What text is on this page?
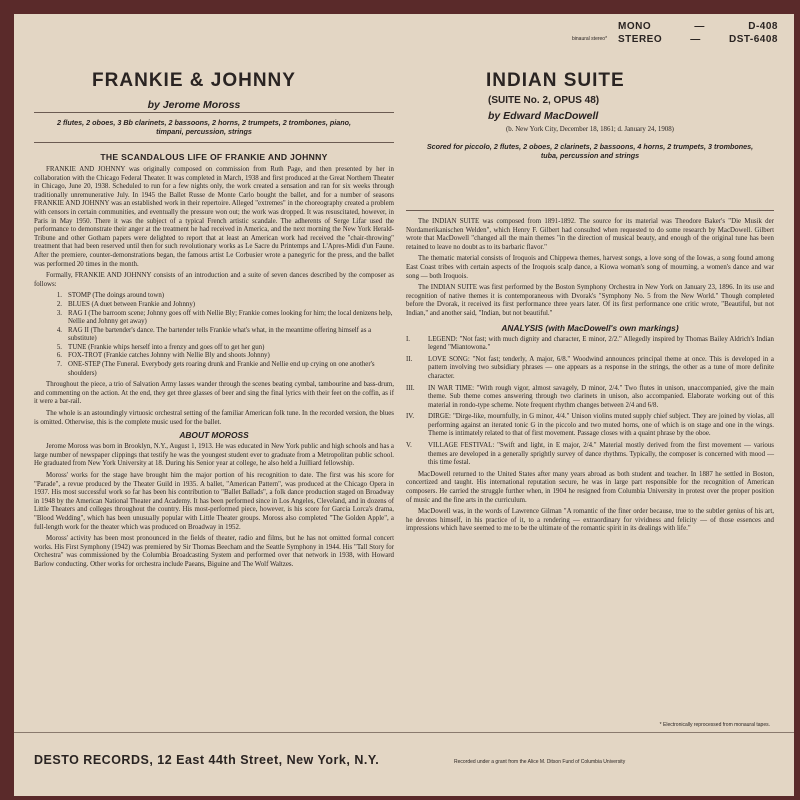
binaural stereo*
MONO	—	D-408
STEREO	—	DST-6408
FRANKIE & JOHNNY
by Jerome Moross
2 flutes, 2 oboes, 3 Bb clarinets, 2 bassoons, 2 horns, 2 trumpets, 2 trombones, piano, timpani, percussion, strings
THE SCANDALOUS LIFE OF FRANKIE AND JOHNNY

FRANKIE AND JOHNNY was originally composed on commission from Ruth Page, and then presented by her in collaboration with the Chicago Federal Theater. It was completed in March, 1938 and first produced at the Great Northern Theater in Chicago, June 20, 1938. Scheduled to run for a few nights only, the work created a sensation and ran for six weeks through traditionally unremunerative July. In 1945 the Ballet Russe de Monte Carlo bought the ballet, and for a number of seasons FRANKIE AND JOHNNY was an established work in their repertoire. Alleged "extremes" in the choreography created a problem with censors in certain communities, and eventually the pressure won out; the work was dropped. It was resuscitated, however, in Paris in May 1950. There it was the subject of a typical French artistic scandale. The adherents of Serge Lifar used the performance to demonstrate their anger at the treatment he had received in America, and the next morning the New York Herald-Tribune and other Gotham papers were delighted to report that at least an American work had received the "chair-throwing" treatment that had been reserved until then for such revolutionary works as Le Sacre du Printemps and L'Apres-Midi d'un Faune. After the premiere, counter-demonstrations began, the famous artist Le Corbusier wrote a panegyric for the press, and the ballet was performed 20 times in the month.

Formally, FRANKIE AND JOHNNY consists of an introduction and a suite of seven dances described by the composer as follows:

1. STOMP (The doings around town)
2. BLUES (A duet between Frankie and Johnny)
3. RAG I (The barroom scene; Johnny goes off with Nellie Bly; Frankie comes looking for him; the local denizens help, Nellie and Johnny get away)
4. RAG II (The bartender's dance. The bartender tells Frankie what's what, in the meantime offering himself as a substitute)
5. TUNE (Frankie whips herself into a frenzy and goes off to get her gun)
6. FOX-TROT (Frankie catches Johnny with Nellie Bly and shoots Johnny)
7. ONE-STEP (The Funeral. Everybody gets roaring drunk and Frankie and Nellie end up crying on one another's shoulders)

Throughout the piece, a trio of Salvation Army lasses wander through the scenes beating cymbal, tambourine and bass-drum, and commenting on the action. At the end, they get three glasses of beer and sing the final lyrics with their feet on the coffin, as if it were a bar-rail.

The whole is an astoundingly virtuosic orchestral setting of the familiar American folk tune. In the recorded version, the blues is omitted. Otherwise, this is the complete music used for the ballet.

ABOUT MOROSS

Jerome Moross was born in Brooklyn, N.Y., August 1, 1913. He was educated in New York public and high schools and has a large number of newspaper clippings that testify he was the youngest student ever to graduate from a Metropolitan public school. He graduated from New York University at 18. During his Senior year at college, he also held a Juilliard fellowship.

Moross' works for the stage have brought him the major portion of his recognition to date. The first was his score for "Parade", a revue produced by the Theater Guild in 1935. A ballet, "American Pattern", was produced at the Chicago Opera in 1937. His most successful work so far has been his contribution to "Ballet Ballads", a folk dance production staged on Broadway in 1948 by the American National Theater and Academy. It has been performed since in Los Angeles, Cleveland, and in dozens of Little Theaters and colleges throughout the country. His most-performed piece, however, is his score for Garcia Lorca's drama, "Blood Wedding", which has been unusually popular with Little Theater groups. Moross also completed "The Golden Apple", a full-length work for the theater which was produced on Broadway in 1952.

Moross' activity has been most pronounced in the fields of theater, radio and films, but he has not omitted formal concert works. His First Symphony (1942) was premiered by Sir Thomas Beecham and the Seattle Symphony in 1944. His "Tall Story for Orchestra" was commissioned by the Columbia Broadcasting System and performed over that network in 1938, with Howard Barlow conducting. Other works for orchestra include Paeans, Biguine and The Wolf Waltzes.

INDIAN SUITE
(SUITE No. 2, OPUS 48)
by Edward MacDowell
(b. New York City, December 18, 1861; d. January 24, 1908)
Scored for piccolo, 2 flutes, 2 oboes, 2 clarinets, 2 bassoons, 4 horns, 2 trumpets, 3 trombones, tuba, percussion and strings

The INDIAN SUITE was composed from 1891-1892. The source for its material was Theodore Baker's "Die Musik der Nordamerikanischen Welden", which Henry F. Gilbert had consulted when requested to do some research by MacDowell. Gilbert wrote that MacDowell "changed all the main themes "in the direction of musical beauty, and enough of the original tune has been retained to leave no doubt as to its barbaric flavor."

The thematic material consists of Iroquois and Chippewa themes, harvest songs, a love song of the Iowas, a song found among East Coast tribes with certain aspects of the Iroquois scalp dance, a Kiowa woman's song of mourning, a women's dance and war song — both Iroquois.

The INDIAN SUITE was first performed by the Boston Symphony Orchestra in New York on January 23, 1896. In its use and recognition of native themes it is contemporaneous with Dvorak's "Symphony No. 5 from the New World." Though completed before the Dvorak, it received its first performance three years later. Of its first performance one critic wrote, "Beautiful, but not Indian," and another said, "Indian, but not beautiful."

ANALYSIS (with MacDowell's own markings)
I.	LEGEND: "Not fast; with much dignity and character, E minor, 2/2." Allegedly inspired by Thomas Bailey Aldrich's Indian legend "Miantowona."
II.	LOVE SONG: "Not fast; tenderly, A major, 6/8." Woodwind announces principal theme at once. This is developed in a pattern involving two subsidiary phrases — one appears as a response in the strings, the other as a tune of more definite character.
III.	IN WAR TIME: "With rough vigor, almost savagely, D minor, 2/4." Two flutes in unison, unaccompanied, give the main theme. Sub theme comes answering through two clarinets in unison, also accompanied. Elaborate working out of this material in rondo-type scheme. Note frequent rhythm changes between 2/4 and 6/8.
IV.	DIRGE: "Dirge-like, mournfully, in G minor, 4/4." Unison violins muted supply chief subject. They are joined by violas, all performing against an iterated tonic G in the piccolo and two muted horns, one of which is on stage and one in the wings. Theme is intimately related to that of first movement. Passage closes with a quaint phrase by the oboe.
V.	VILLAGE FESTIVAL: "Swift and light, in E major, 2/4." Material mostly derived from the first movement — various themes are developed in a generally sprightly survey of dance rhythms. Typically, the composer is concerned with mood — this time festal.

MacDowell returned to the United States after many years abroad as both student and teacher. In 1887 he settled in Boston, concertized and taught. His international reputation secure, he was in large part responsible for the recognition of American composers. He carried the struggle further when, in 1904 he resigned from Columbia University in protest over the proper position of music and the fine arts in the curriculum.

MacDowell was, in the words of Lawrence Gilman "A romantic of the finer order because, true to the subtler genius of his art, he devotes himself, in his practice of it, to a rendering — extraordinary for vividness and felicity — of those essences and impressions which have seemed to me to be the ultimate of the romantic spirit in its dealings with life."

* Electronically reprocessed from monaural tapes.
DESTO RECORDS, 12 East 44th Street, New York, N.Y.	Recorded under a grant from the Alice M. Ditson Fund of Columbia University
